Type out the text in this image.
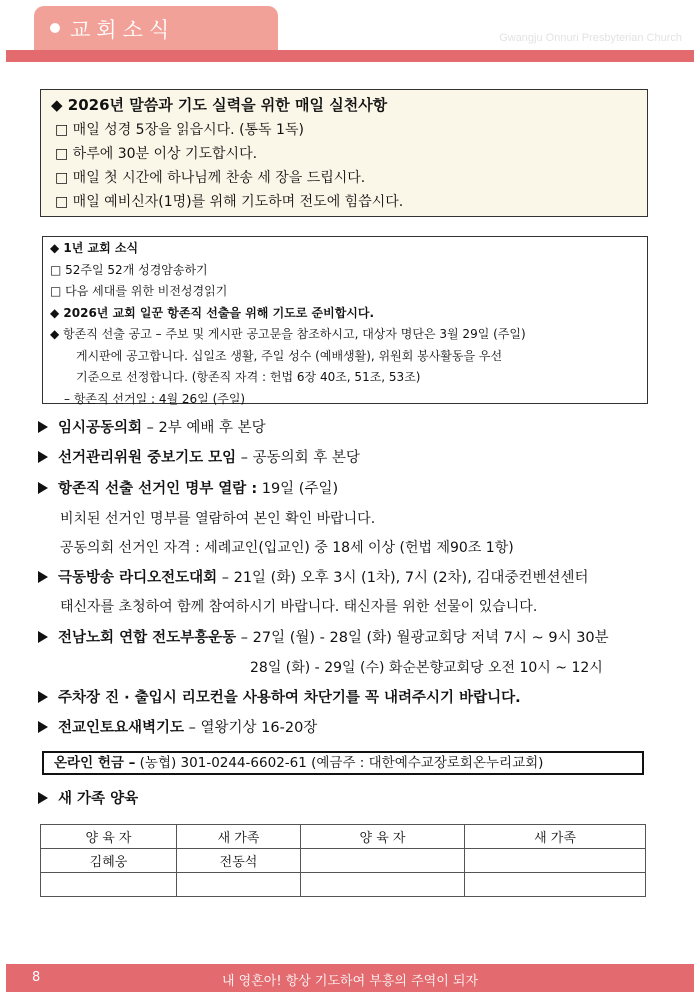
교회소식	Gwangju Onnuri Presbyterian Church
◆ 2026년 말씀과 기도 실력을 위한 매일 실천사항
□ 매일 성경 5장을 읽읍시다. (통독 1독)
□ 하루에 30분 이상 기도합시다.
□ 매일 첫 시간에 하나님께 찬송 세 장을 드립시다.
□ 매일 예비신자(1명)를 위해 기도하며 전도에 힘씁시다.
◆ 1년 교회 소식
□ 52주일 52개 성경암송하기
□ 다음 세대를 위한 비전성경읽기
◆ 2026년 교회 일꾼 항존직 선출을 위해 기도로 준비합시다.
◆ 항존직 선출 공고 – 주보 및 게시판 공고문을 참조하시고, 대상자 명단은 3월 29일 (주일)
게시판에 공고합니다. 십일조 생활, 주일 성수 (예배생활), 위원회 봉사활동을 우선
기준으로 선정합니다. (항존직 자격 : 헌법 6장 40조, 51조, 53조)
– 항존직 선거일 : 4월 26일 (주일)
임시공동의회 – 2부 예배 후 본당
선거관리위원 중보기도 모임 – 공동의회 후 본당
항존직 선출 선거인 명부 열람 : 19일 (주일)
비치된 선거인 명부를 열람하여 본인 확인 바랍니다.
공동의회 선거인 자격 : 세례교인(입교인) 중 18세 이상 (헌법 제90조 1항)
극동방송 라디오전도대회 – 21일 (화) 오후 3시 (1차), 7시 (2차), 김대중컨벤션센터
태신자를 초청하여 함께 참여하시기 바랍니다. 태신자를 위한 선물이 있습니다.
전남노회 연합 전도부흥운동 – 27일 (월) - 28일 (화) 월광교회당 저녁 7시 ~ 9시 30분
28일 (화) - 29일 (수) 화순본향교회당 오전 10시 ~ 12시
주차장 진 · 출입시 리모컨을 사용하여 차단기를 꼭 내려주시기 바랍니다.
전교인토요새벽기도 – 열왕기상 16-20장
온라인 헌금 – (농협) 301-0244-6602-61 (예금주 : 대한예수교장로회온누리교회)
새 가족 양육
양 육 자	새 가족	양 육 자	새 가족
김혜웅	전동석		

8	내 영혼아! 항상 기도하여 부흥의 주역이 되자
